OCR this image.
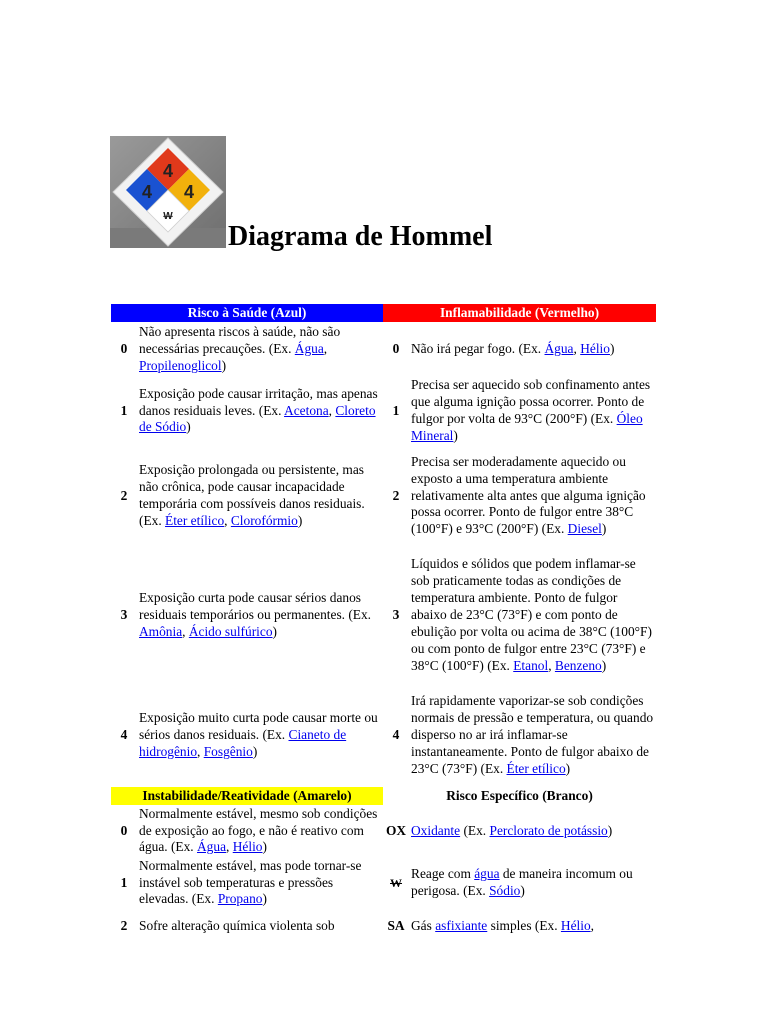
4
4 4
W
Diagrama de Hommel
Risco à Saúde (Azul)		Inflamabilidade (Vermelho)	
0	Não apresenta riscos à saúde, não são necessárias precauções. (Ex. Água, Propilenoglicol)	0	Não irá pegar fogo. (Ex. Água, Hélio)
1	Exposição pode causar irritação, mas apenas danos residuais leves. (Ex. Acetona, Cloreto de Sódio)	1	Precisa ser aquecido sob confinamento antes que alguma ignição possa ocorrer. Ponto de fulgor por volta de 93°C (200°F) (Ex. Óleo Mineral)
2	Exposição prolongada ou persistente, mas não crônica, pode causar incapacidade temporária com possíveis danos residuais. (Ex. Éter etílico, Clorofórmio)	2	Precisa ser moderadamente aquecido ou exposto a uma temperatura ambiente relativamente alta antes que alguma ignição possa ocorrer. Ponto de fulgor entre 38°C (100°F) e 93°C (200°F) (Ex. Diesel)
3	Exposição curta pode causar sérios danos residuais temporários ou permanentes. (Ex. Amônia, Ácido sulfúrico)	3	Líquidos e sólidos que podem inflamar-se sob praticamente todas as condições de temperatura ambiente. Ponto de fulgor abaixo de 23°C (73°F) e com ponto de ebulição por volta ou acima de 38°C (100°F) ou com ponto de fulgor entre 23°C (73°F) e 38°C (100°F) (Ex. Etanol, Benzeno)
4	Exposição muito curta pode causar morte ou sérios danos residuais. (Ex. Cianeto de hidrogênio, Fosgênio)	4	Irá rapidamente vaporizar-se sob condições normais de pressão e temperatura, ou quando disperso no ar irá inflamar-se instantaneamente. Ponto de fulgor abaixo de 23°C (73°F) (Ex. Éter etílico)
Instabilidade/Reatividade (Amarelo)		Risco Específico (Branco)	
0	Normalmente estável, mesmo sob condições de exposição ao fogo, e não é reativo com água. (Ex. Água, Hélio)	OX	Oxidante (Ex. Perclorato de potássio)
1	Normalmente estável, mas pode tornar-se instável sob temperaturas e pressões elevadas. (Ex. Propano)	W	Reage com água de maneira incomum ou perigosa. (Ex. Sódio)
2	Sofre alteração química violenta sob	SA	Gás asfixiante simples (Ex. Hélio,
